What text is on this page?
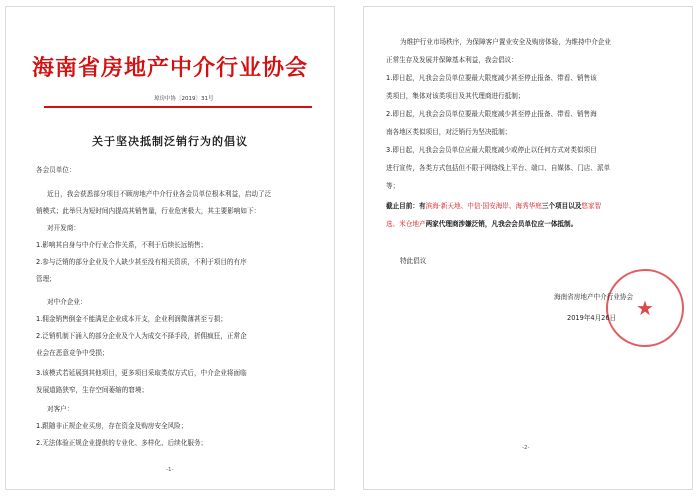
海南省房地产中介行业协会
琼房中协〔2019〕31号
关于坚决抵制泛销行为的倡议
各会员单位：
近日，我会获悉部分项目不顾房地产中介行业各会员单位根本利益，启动了泛
销模式；此举只为短时间内提高其销售量，行业危害极大，其主要影响如下：
对开发商：
1.影响其自身与中介行业合作关系，不利于后续长远销售；
2.参与泛销的部分企业及个人缺少甚至没有相关资质，不利于项目的有序
管理；
对中介企业：
1.佣金销售倒金不能满足企业成本开支，企业利润微薄甚至亏损；
2.泛销机制下涌入的部分企业及个人为成交不择手段，折佣疯狂，正常企
业会在恶意竞争中受损；
3.该模式若延展到其他项目，更多项目采取类似方式后，中介企业将面临
发展道路狭窄，生存空间萎缩的窘境；
对客户：
1.跟随非正规企业买房，存在资金及购房安全风险；
2.无法体验正规企业提供的专业化、多样化、后续化服务；
-1-
为维护行业市场秩序，为保障客户置业安全及购房体验，为维持中介企业
正常生存及发展并保障基本利益，我会倡议：
1.即日起，凡我会会员单位要最大限度减少甚至停止报备、带看、销售该
类项目，集体对该类项目及其代理商进行抵制；
2.即日起，凡我会会员单位要最大限度减少甚至停止报备、带看、销售海
南各地区类似项目，对泛销行为坚决抵制；
3.即日起，凡我会会员单位应最大限度减少或停止以任何方式对类似项目
进行宣传，各类方式包括但不限于网络线上平台、端口、自媒体、门店、派单
等；
截止目前：有滨海·新天地、中信·国安海岸、海秀华庭三个项目以及悠家智
选、米仓地产两家代理商涉嫌泛销，凡我会会员单位应一体抵制。
特此倡议
★
海南省房地产中介行业协会
2019年4月26日
-2-
